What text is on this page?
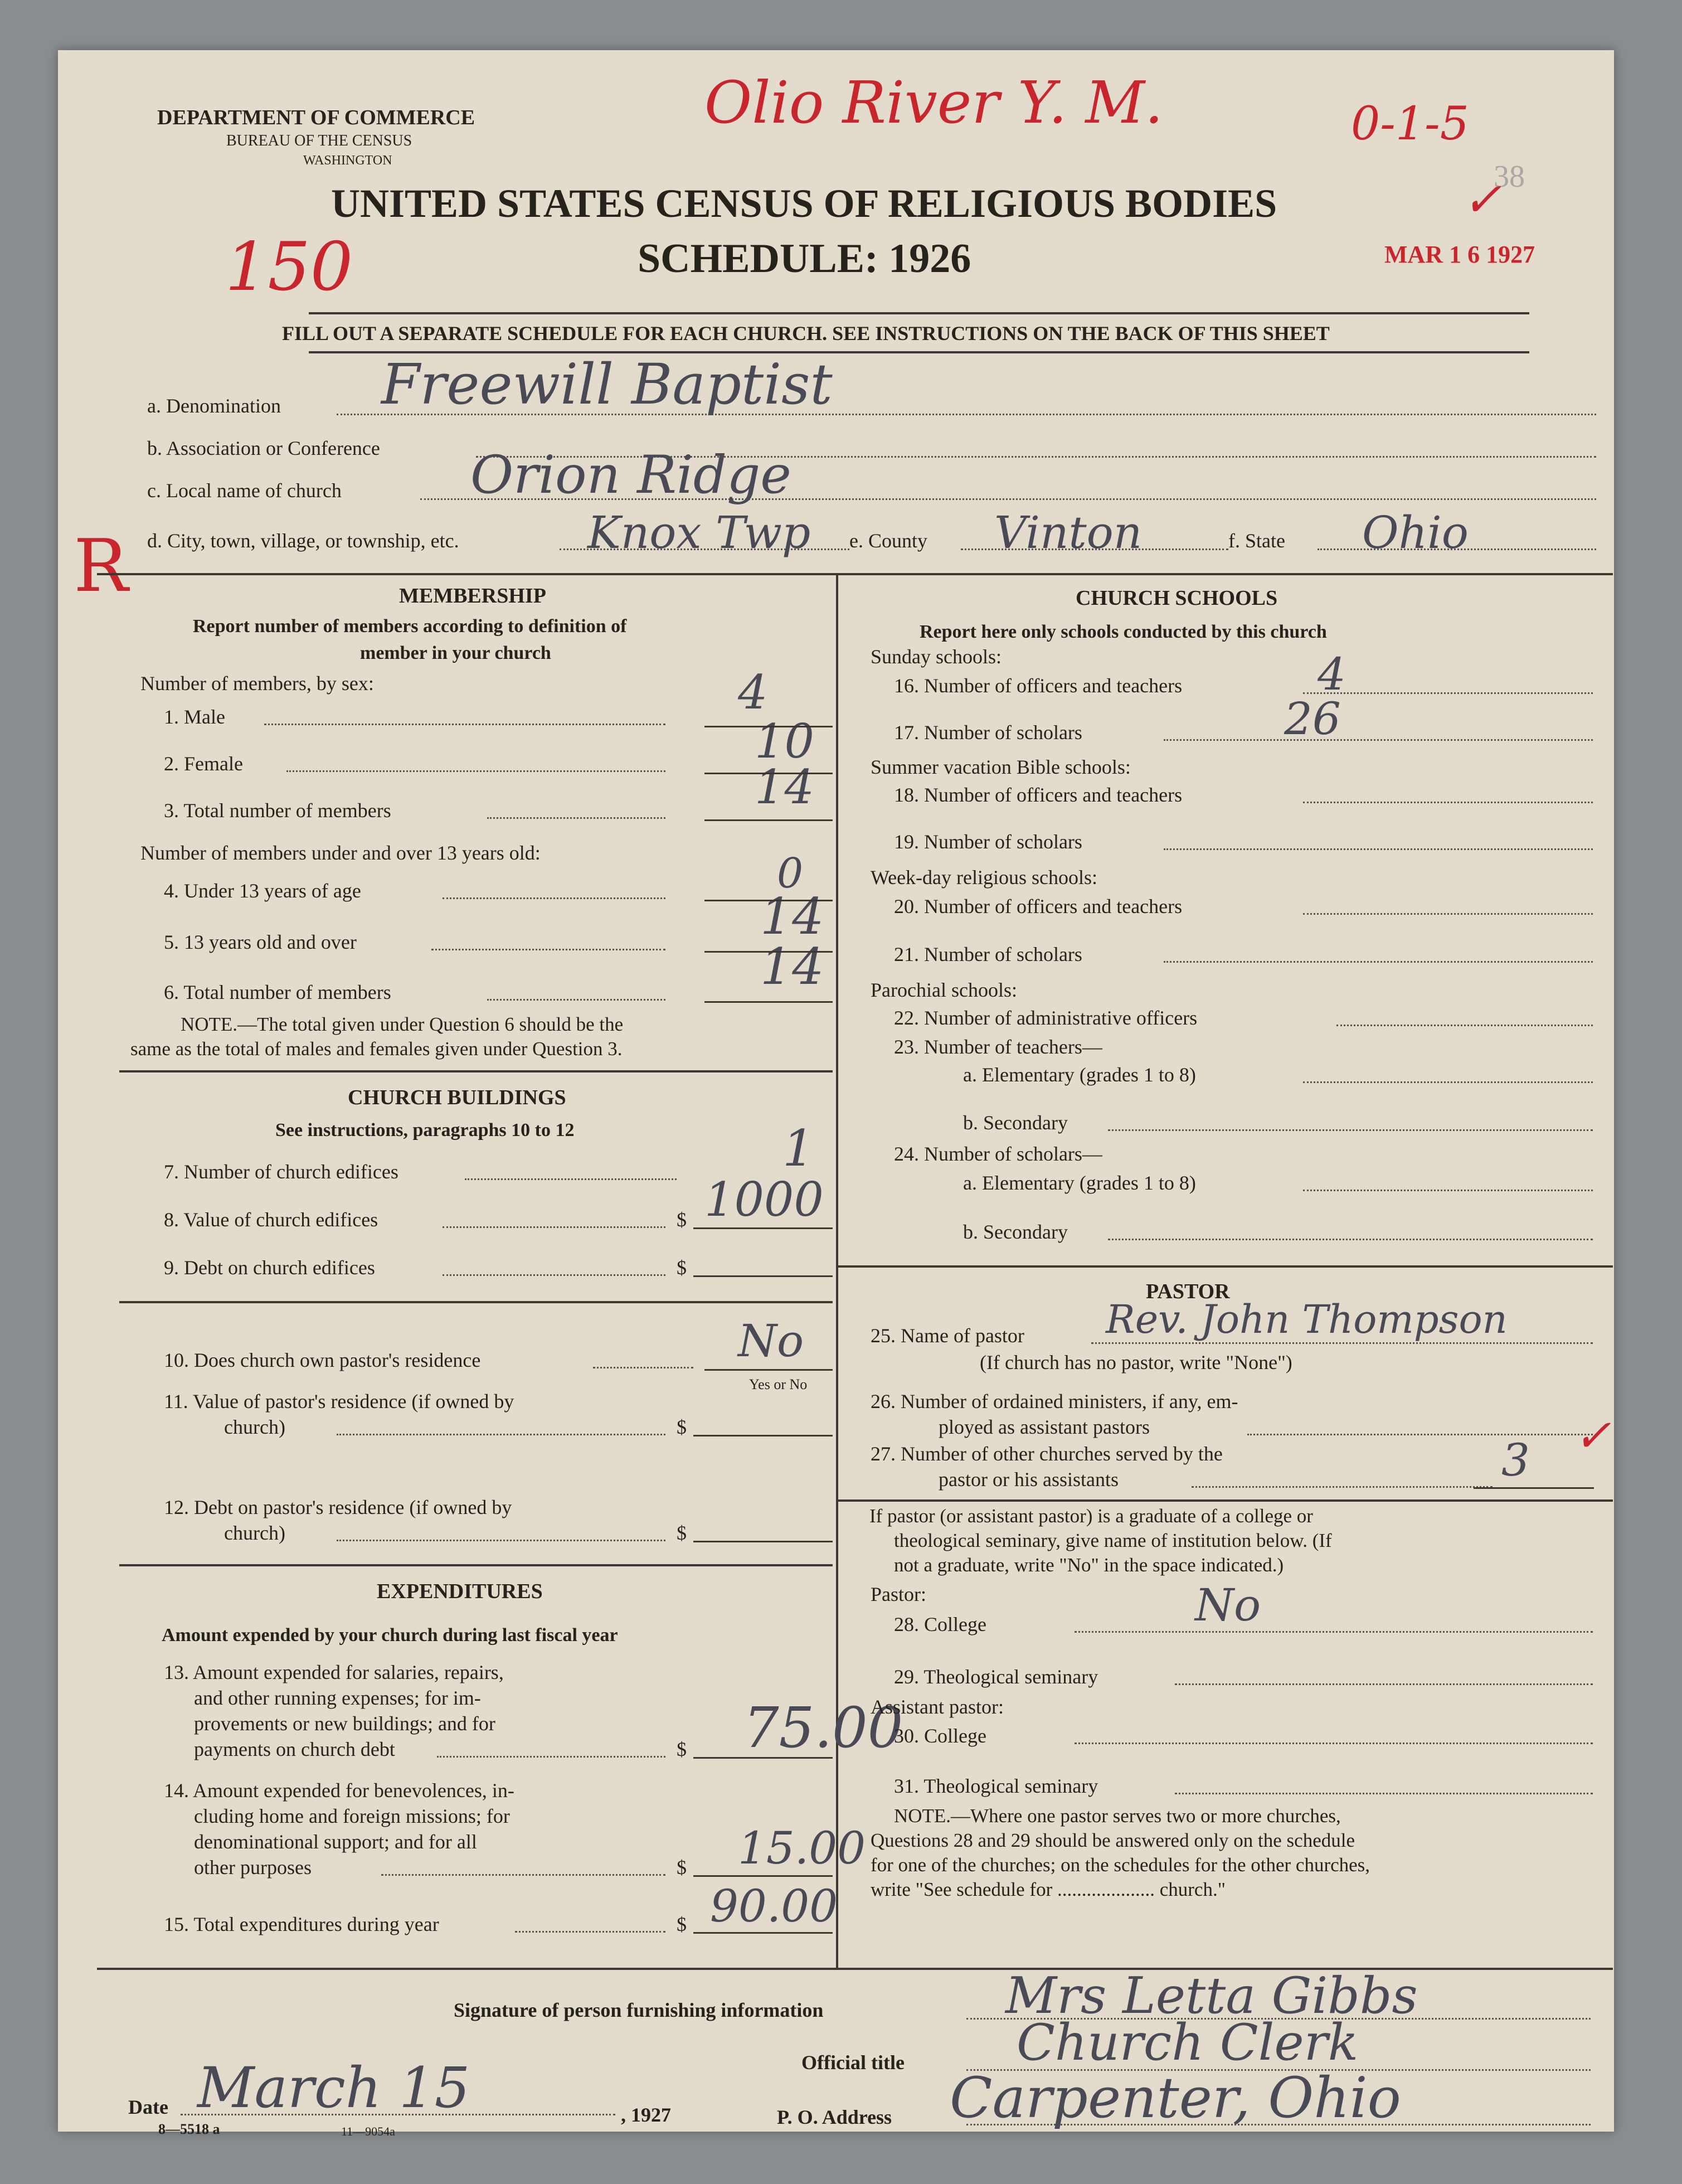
DEPARTMENT OF COMMERCE
BUREAU OF THE CENSUS
WASHINGTON
UNITED STATES CENSUS OF RELIGIOUS BODIES
SCHEDULE: 1926	MAR 1 6 1927
38
FILL OUT A SEPARATE SCHEDULE FOR EACH CHURCH. SEE INSTRUCTIONS ON THE BACK OF THIS SHEET
Olio River Y. M.	0-1-5
✓
150
R
a. Denomination Freewill Baptist
b. Association or Conference
c. Local name of church Orion Ridge
d. City, town, village, or township, etc.	Knox Twp e. County Vinton	f. State Ohio
MEMBERSHIP
Report number of members according to definition of
member in your church
Number of members, by sex:
1. Male	4
2. Female	10
3. Total number of members	14
Number of members under and over 13 years old:
4. Under 13 years of age	0
5. 13 years old and over	14
6. Total number of members	14
NOTE.—The total given under Question 6 should be the
same as the total of males and females given under Question 3.
CHURCH BUILDINGS
See instructions, paragraphs 10 to 12
7. Number of church edifices	1
8. Value of church edifices	$ 1000
9. Debt on church edifices	$
10. Does church own pastor's residence	No
Yes or No
11. Value of pastor's residence (if owned by
church)	$
12. Debt on pastor's residence (if owned by
church)	$
EXPENDITURES
Amount expended by your church during last fiscal year
13. Amount expended for salaries, repairs,
and other running expenses; for im-
provements or new buildings; and for
payments on church debt	$ 75.00
14. Amount expended for benevolences, in-
cluding home and foreign missions; for
denominational support; and for all
other purposes	$ 15.00
15. Total expenditures during year	$ 90.00
CHURCH SCHOOLS
Report here only schools conducted by this church
Sunday schools:
16. Number of officers and teachers	4
17. Number of scholars	26
Summer vacation Bible schools:
18. Number of officers and teachers
19. Number of scholars
Week-day religious schools:
20. Number of officers and teachers
21. Number of scholars
Parochial schools:
22. Number of administrative officers
23. Number of teachers—
a. Elementary (grades 1 to 8)
b. Secondary
24. Number of scholars—
a. Elementary (grades 1 to 8)
b. Secondary
PASTOR
25. Name of pastor Rev. John Thompson
(If church has no pastor, write "None")
26. Number of ordained ministers, if any, em-
ployed as assistant pastors
27. Number of other churches served by the
pastor or his assistants	3 ✓
If pastor (or assistant pastor) is a graduate of a college or
theological seminary, give name of institution below. (If
not a graduate, write "No" in the space indicated.)
Pastor:
28. College	No
29. Theological seminary
Assistant pastor:
30. College
31. Theological seminary
NOTE.—Where one pastor serves two or more churches,
Questions 28 and 29 should be answered only on the schedule
for one of the churches; on the schedules for the other churches,
write "See schedule for .................... church."
Signature of person furnishing information	Mrs Letta Gibbs
Official title Church Clerk
Date March 15	, 1927	P. O. Address Carpenter, Ohio
8—5518 a	11—9054a
